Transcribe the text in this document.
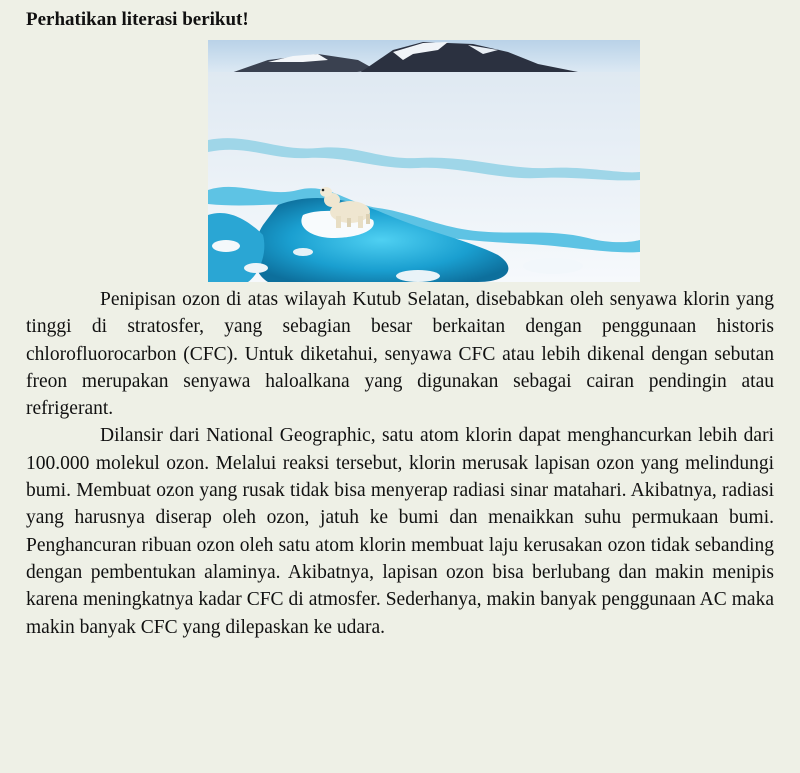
Perhatikan literasi berikut!

Penipisan ozon di atas wilayah Kutub Selatan, disebabkan oleh senyawa klorin yang tinggi di stratosfer, yang sebagian besar berkaitan dengan penggunaan historis chlorofluorocarbon (CFC). Untuk diketahui, senyawa CFC atau lebih dikenal dengan sebutan freon merupakan senyawa haloalkana yang digunakan sebagai cairan pendingin atau refrigerant.

Dilansir dari National Geographic, satu atom klorin dapat menghancurkan lebih dari 100.000 molekul ozon. Melalui reaksi tersebut, klorin merusak lapisan ozon yang melindungi bumi. Membuat ozon yang rusak tidak bisa menyerap radiasi sinar matahari. Akibatnya, radiasi yang harusnya diserap oleh ozon, jatuh ke bumi dan menaikkan suhu permukaan bumi. Penghancuran ribuan ozon oleh satu atom klorin membuat laju kerusakan ozon tidak sebanding dengan pembentukan alaminya. Akibatnya, lapisan ozon bisa berlubang dan makin menipis karena meningkatnya kadar CFC di atmosfer. Sederhanya, makin banyak penggunaan AC maka makin banyak CFC yang dilepaskan ke udara.
